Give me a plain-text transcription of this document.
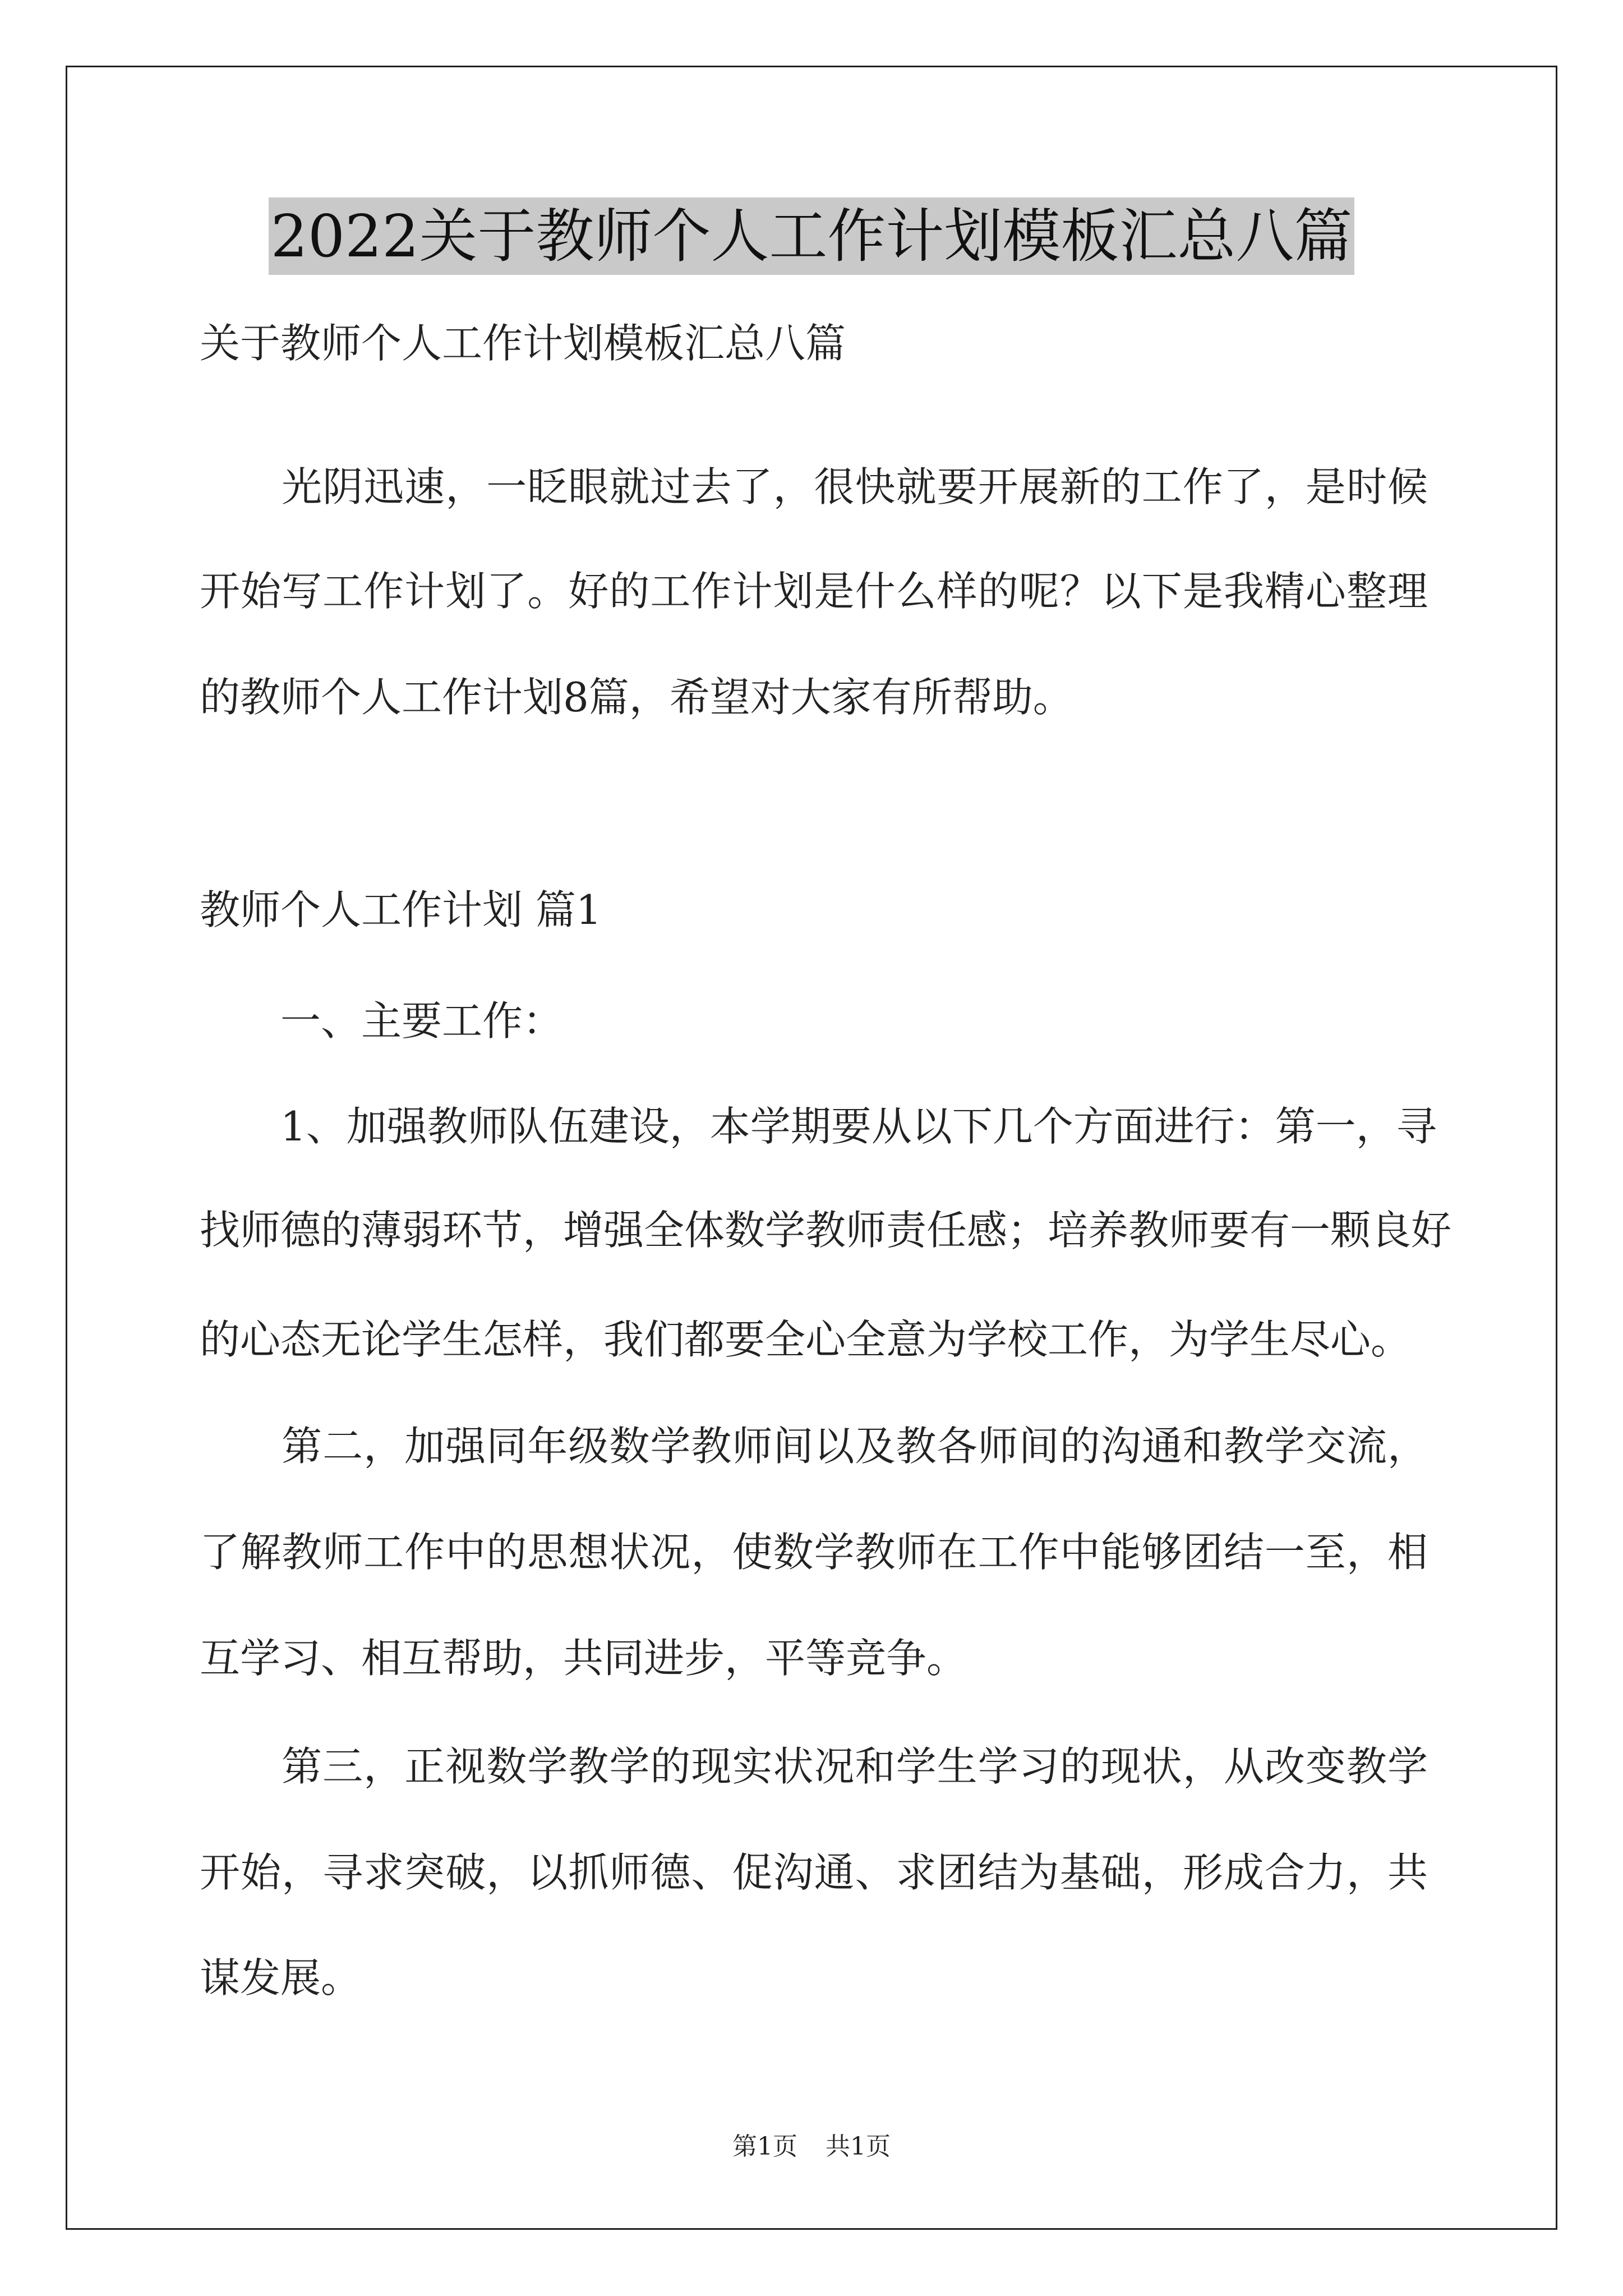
2022关于教师个人工作计划模板汇总八篇
关于教师个人工作计划模板汇总八篇
　　光阴迅速，一眨眼就过去了，很快就要开展新的工作了，是时候
开始写工作计划了。好的工作计划是什么样的呢？以下是我精心整理
的教师个人工作计划8篇，希望对大家有所帮助。
教师个人工作计划 篇1
　　一、主要工作：
　　1、加强教师队伍建设，本学期要从以下几个方面进行：第一，寻
找师德的薄弱环节，增强全体数学教师责任感；培养教师要有一颗良好
的心态无论学生怎样，我们都要全心全意为学校工作，为学生尽心。
　　第二，加强同年级数学教师间以及教各师间的沟通和教学交流，
了解教师工作中的思想状况，使数学教师在工作中能够团结一至，相
互学习、相互帮助，共同进步，平等竞争。
　　第三，正视数学教学的现实状况和学生学习的现状，从改变教学
开始，寻求突破，以抓师德、促沟通、求团结为基础，形成合力，共
谋发展。
第1页 共1页
